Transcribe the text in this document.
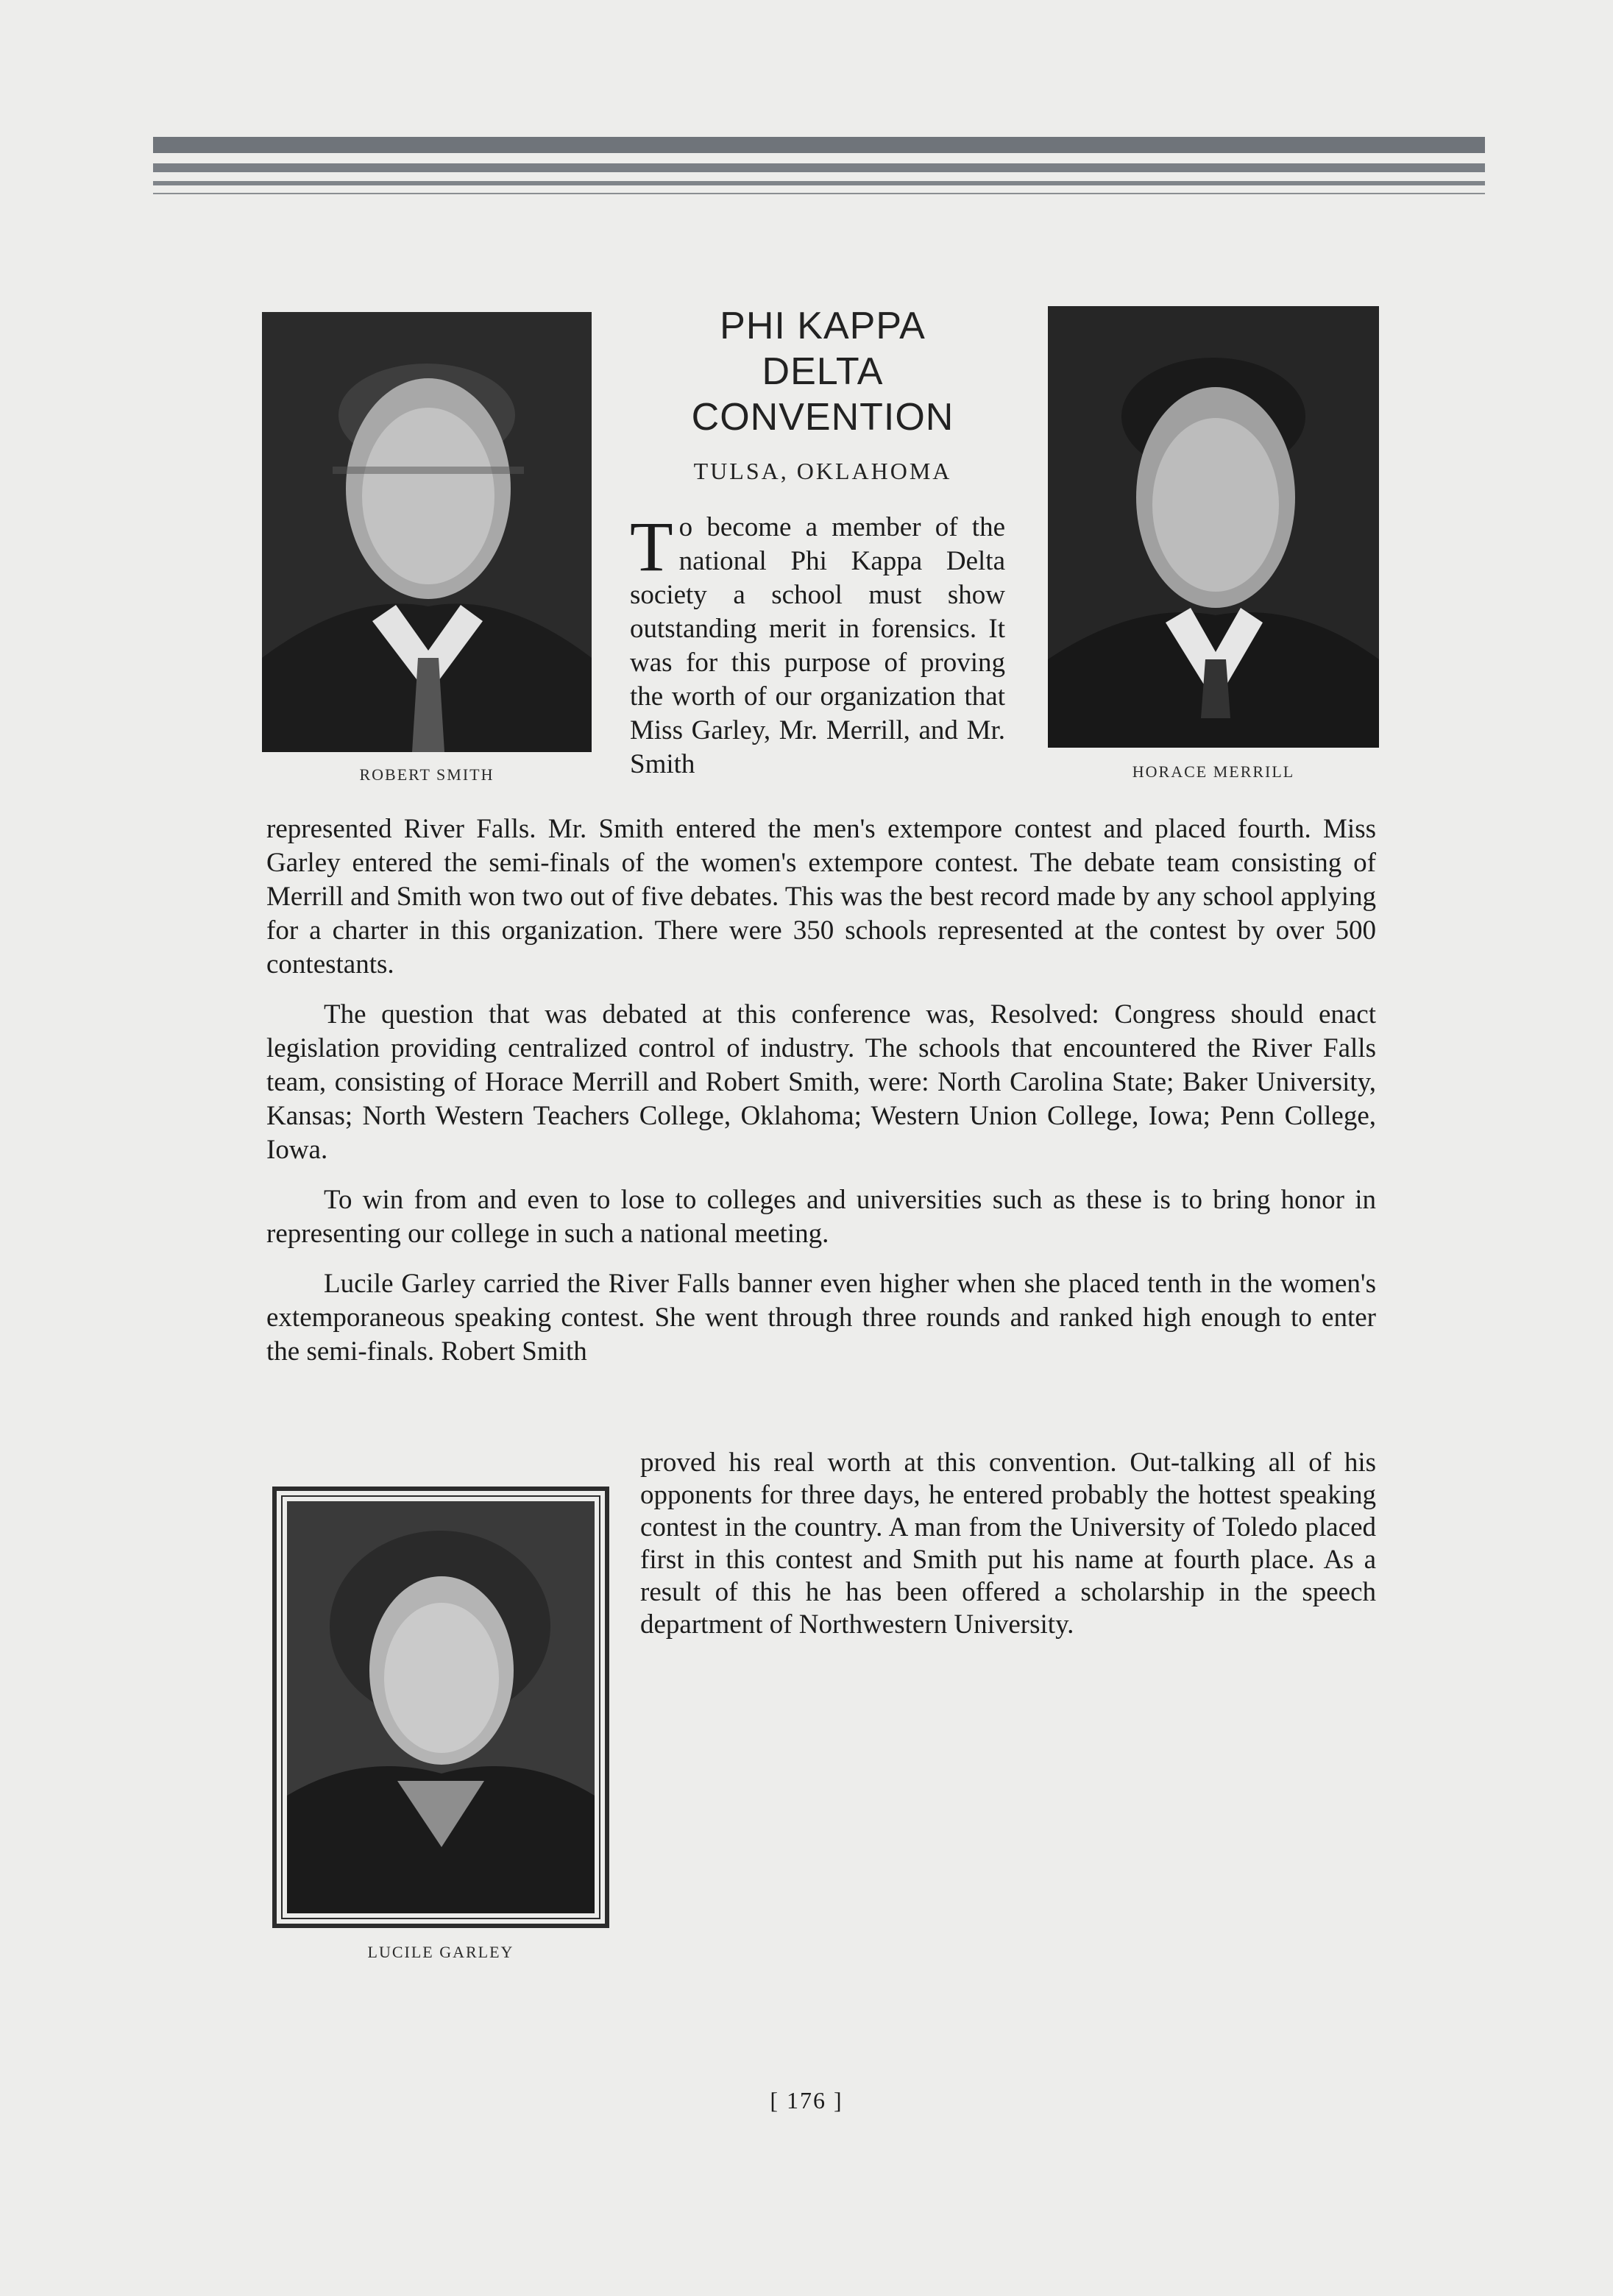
ROBERT SMITH	HORACE MERRILL
PHI KAPPA
DELTA
CONVENTION
TULSA, OKLAHOMA

To become a member of the national Phi Kappa Delta society a school must show outstanding merit in forensics. It was for this purpose of proving the worth of our organization that Miss Garley, Mr. Merrill, and Mr. Smith

represented River Falls. Mr. Smith entered the men's extempore contest and placed fourth. Miss Garley entered the semi-finals of the women's extempore contest. The debate team consisting of Merrill and Smith won two out of five debates. This was the best record made by any school applying for a charter in this organization. There were 350 schools represented at the contest by over 500 contestants.

The question that was debated at this conference was, Resolved: Congress should enact legislation providing centralized control of industry. The schools that encountered the River Falls team, consisting of Horace Merrill and Robert Smith, were: North Carolina State; Baker University, Kansas; North Western Teachers College, Oklahoma; Western Union College, Iowa; Penn College, Iowa.

To win from and even to lose to colleges and universities such as these is to bring honor in representing our college in such a national meeting.

Lucile Garley carried the River Falls banner even higher when she placed tenth in the women's extemporaneous speaking contest. She went through three rounds and ranked high enough to enter the semi-finals. Robert Smith

LUCILE GARLEY

proved his real worth at this convention. Out-talking all of his opponents for three days, he entered probably the hottest speaking contest in the country. A man from the University of Toledo placed first in this contest and Smith put his name at fourth place. As a result of this he has been offered a scholarship in the speech department of Northwestern University.

[ 176 ]
